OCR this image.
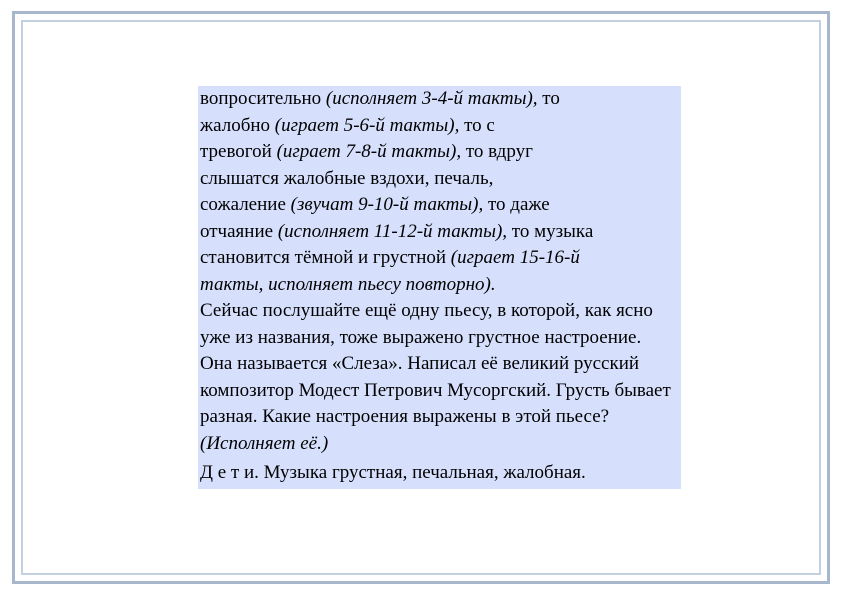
вопросительно (исполняет 3-4-й такты), то
жалобно (играет 5-6-й такты), то с
тревогой (играет 7-8-й такты), то вдруг
слышатся жалобные вздохи, печаль,
сожаление (звучат 9-10-й такты), то даже
отчаяние (исполняет 11-12-й такты), то музыка
становится тёмной и грустной (играет 15-16-й
такты, исполняет пьесу повторно).

Сейчас послушайте ещё одну пьесу, в которой, как ясно уже из названия, тоже выражено грустное настроение. Она называется «Слеза». Написал её великий русский композитор Модест Петрович Мусоргский. Грусть бывает разная. Какие настроения выражены в этой пьесе? (Исполняет её.)

Д е т и. Музыка грустная, печальная, жалобная.
